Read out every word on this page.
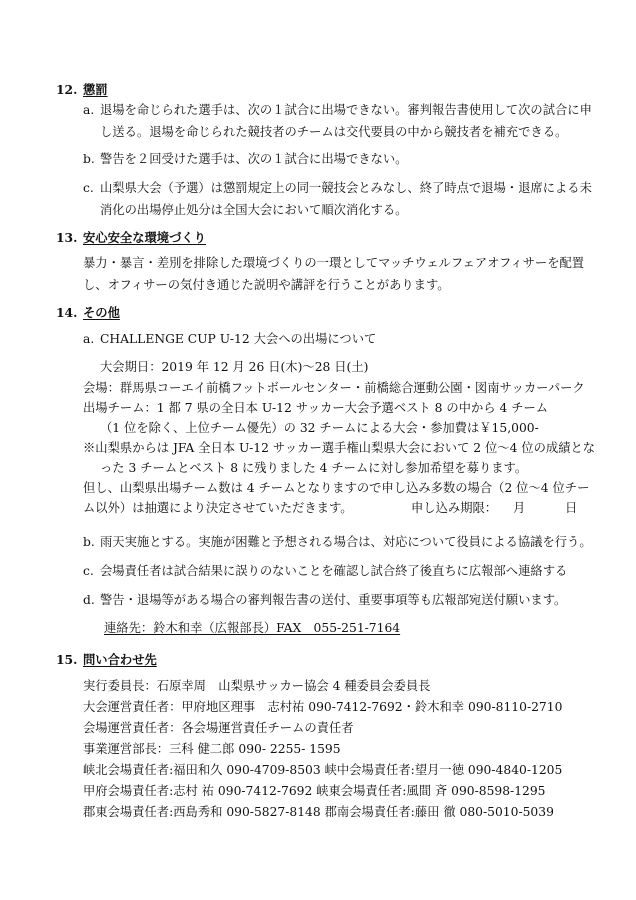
12. 懲罰
a. 退場を命じられた選手は、次の１試合に出場できない。審判報告書使用して次の試合に申
し送る。退場を命じられた競技者のチームは交代要員の中から競技者を補充できる。
b. 警告を２回受けた選手は、次の１試合に出場できない。
c. 山梨県大会（予選）は懲罰規定上の同一競技会とみなし、終了時点で退場・退席による未
消化の出場停止処分は全国大会において順次消化する。
13. 安心安全な環境づくり
暴力・暴言・差別を排除した環境づくりの一環としてマッチウェルフェアオフィサーを配置
し、オフィサーの気付き通じた説明や講評を行うことがあります。
14. その他
a. CHALLENGE CUP U-12 大会への出場について
大会期日：2019 年 12 月 26 日(木)〜28 日(土)
会場：群馬県コーエイ前橋フットボールセンター・前橋総合運動公園・図南サッカーパーク
出場チーム：1 都 7 県の全日本 U-12 サッカー大会予選ベスト 8 の中から 4 チーム
（1 位を除く、上位チーム優先）の 32 チームによる大会・参加費は￥15,000-
※山梨県からは JFA 全日本 U-12 サッカー選手権山梨県大会において 2 位〜4 位の成績とな
った 3 チームとベスト 8 に残りました 4 チームに対し参加希望を募ります。
但し、山梨県出場チーム数は 4 チームとなりますので申し込み多数の場合（2 位〜4 位チー
ム以外）は抽選により決定させていただきます。	申し込み期限： 月	日
b. 雨天実施とする。実施が困難と予想される場合は、対応について役員による協議を行う。
c. 会場責任者は試合結果に誤りのないことを確認し試合終了後直ちに広報部へ連絡する
d. 警告・退場等がある場合の審判報告書の送付、重要事項等も広報部宛送付願います。
連絡先：鈴木和幸（広報部長）FAX　055-251-7164
15. 問い合わせ先
実行委員長：石原幸周　山梨県サッカー協会 4 種委員会委員長
大会運営責任者：甲府地区理事　志村祐 090-7412-7692・鈴木和幸 090-8110-2710
会場運営責任者：各会場運営責任チームの責任者
事業運営部長：三科 健二郎 090- 2255- 1595
峡北会場責任者:福田和久 090-4709-8503 峡中会場責任者:望月一徳 090-4840-1205
甲府会場責任者:志村 祐 090-7412-7692 峡東会場責任者:風間 斉 090-8598-1295
郡東会場責任者:西島秀和 090-5827-8148 郡南会場責任者:藤田 徹 080-5010-5039
